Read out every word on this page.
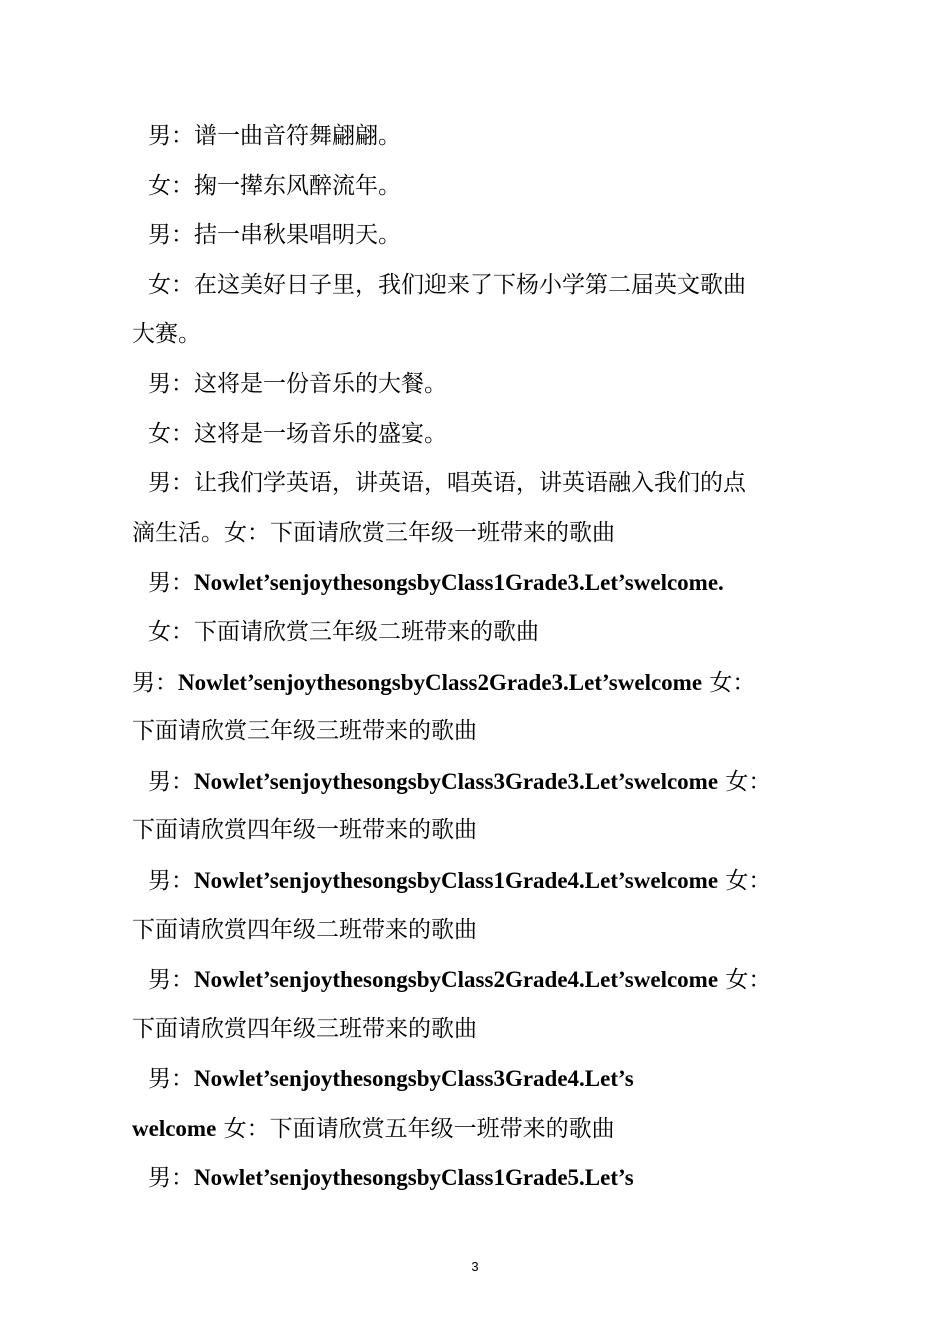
男：谱一曲音符舞翩翩。
女：掬一撵东风醉流年。
男：拮一串秋果唱明天。
女：在这美好日子里，我们迎来了下杨小学第二届英文歌曲
大赛。
男：这将是一份音乐的大餐。
女：这将是一场音乐的盛宴。
男：让我们学英语，讲英语，唱英语，讲英语融入我们的点
滴生活。女：下面请欣赏三年级一班带来的歌曲
男：Nowlet’senjoythesongsbyClass1Grade3.Let’swelcome.
女：下面请欣赏三年级二班带来的歌曲
男：Nowlet’senjoythesongsbyClass2Grade3.Let’swelcome 女：
下面请欣赏三年级三班带来的歌曲
男：Nowlet’senjoythesongsbyClass3Grade3.Let’swelcome 女：
下面请欣赏四年级一班带来的歌曲
男：Nowlet’senjoythesongsbyClass1Grade4.Let’swelcome 女：
下面请欣赏四年级二班带来的歌曲
男：Nowlet’senjoythesongsbyClass2Grade4.Let’swelcome 女：
下面请欣赏四年级三班带来的歌曲
男：Nowlet’senjoythesongsbyClass3Grade4.Let’s
welcome 女：下面请欣赏五年级一班带来的歌曲
男：Nowlet’senjoythesongsbyClass1Grade5.Let’s
3
